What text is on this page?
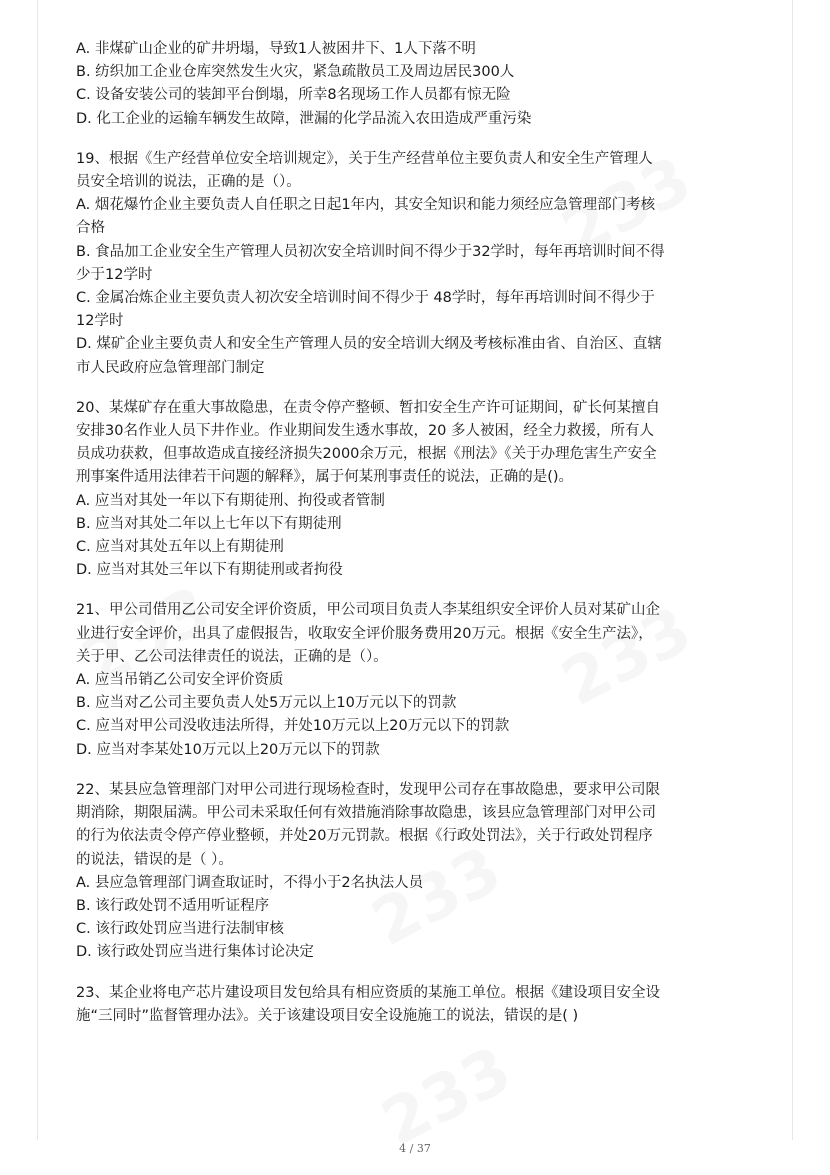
A. 非煤矿山企业的矿井坍塌，导致1人被困井下、1人下落不明
B. 纺织加工企业仓库突然发生火灾，紧急疏散员工及周边居民300人
C. 设备安装公司的装卸平台倒塌，所幸8名现场工作人员都有惊无险
D. 化工企业的运输车辆发生故障，泄漏的化学品流入农田造成严重污染
19、根据《生产经营单位安全培训规定》，关于生产经营单位主要负责人和安全生产管理人
员安全培训的说法，正确的是（）。
A. 烟花爆竹企业主要负责人自任职之日起1年内，其安全知识和能力须经应急管理部门考核
合格
B. 食品加工企业安全生产管理人员初次安全培训时间不得少于32学时，每年再培训时间不得
少于12学时
C. 金属冶炼企业主要负责人初次安全培训时间不得少于 48学时，每年再培训时间不得少于
12学时
D. 煤矿企业主要负责人和安全生产管理人员的安全培训大纲及考核标准由省、自治区、直辖
市人民政府应急管理部门制定
20、某煤矿存在重大事故隐患，在责令停产整顿、暂扣安全生产许可证期间，矿长何某擅自
安排30名作业人员下井作业。作业期间发生透水事故，20 多人被困，经全力救援，所有人
员成功获救，但事故造成直接经济损失2000余万元，根据《刑法》《关于办理危害生产安全
刑事案件适用法律若干问题的解释》，属于何某刑事责任的说法，正确的是()。
A. 应当对其处一年以下有期徒刑、拘役或者管制
B. 应当对其处二年以上七年以下有期徒刑
C. 应当对其处五年以上有期徒刑
D. 应当对其处三年以下有期徒刑或者拘役
21、甲公司借用乙公司安全评价资质，甲公司项目负责人李某组织安全评价人员对某矿山企
业进行安全评价，出具了虚假报告，收取安全评价服务费用20万元。根据《安全生产法》，
关于甲、乙公司法律责任的说法，正确的是（）。
A. 应当吊销乙公司安全评价资质
B. 应当对乙公司主要负责人处5万元以上10万元以下的罚款
C. 应当对甲公司没收违法所得，并处10万元以上20万元以下的罚款
D. 应当对李某处10万元以上20万元以下的罚款
22、某县应急管理部门对甲公司进行现场检查时，发现甲公司存在事故隐患，要求甲公司限
期消除，期限届满。甲公司未采取任何有效措施消除事故隐患，该县应急管理部门对甲公司
的行为依法责令停产停业整顿，并处20万元罚款。根据《行政处罚法》，关于行政处罚程序
的说法，错误的是（ ）。
A. 县应急管理部门调查取证时，不得小于2名执法人员
B. 该行政处罚不适用听证程序
C. 该行政处罚应当进行法制审核
D. 该行政处罚应当进行集体讨论决定
23、某企业将电产芯片建设项目发包给具有相应资质的某施工单位。根据《建设项目安全设
施“三同时”监督管理办法》。关于该建设项目安全设施施工的说法，错误的是( )
4 / 37
